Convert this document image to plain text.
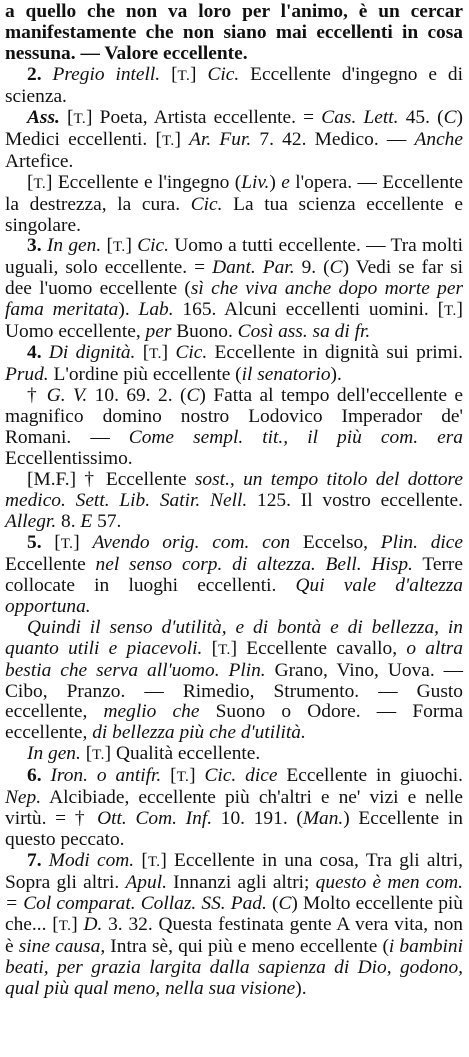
a quello che non va loro per l'animo, è un cercar manifestamente che non siano mai eccellenti in cosa nessuna. — Valore eccellente.

2. Pregio intell. [T.] Cic. Eccellente d'ingegno e di scienza.

Ass. [T.] Poeta, Artista eccellente. = Cas. Lett. 45. (C) Medici eccellenti. [T.] Ar. Fur. 7. 42. Medico. — Anche Artefice.

[T.] Eccellente e l'ingegno (Liv.) e l'opera. — Eccellente la destrezza, la cura. Cic. La tua scienza eccellente e singolare.

3. In gen. [T.] Cic. Uomo a tutti eccellente. — Tra molti uguali, solo eccellente. = Dant. Par. 9. (C) Vedi se far si dee l'uomo eccellente (sì che viva anche dopo morte per fama meritata). Lab. 165. Alcuni eccellenti uomini. [T.] Uomo eccellente, per Buono. Così ass. sa di fr.

4. Di dignità. [T.] Cic. Eccellente in dignità sui primi. Prud. L'ordine più eccellente (il senatorio).

† G. V. 10. 69. 2. (C) Fatta al tempo dell'eccellente e magnifico domino nostro Lodovico Imperador de' Romani. — Come sempl. tit., il più com. era Eccellentissimo.

[M.F.] † Eccellente sost., un tempo titolo del dottore medico. Sett. Lib. Satir. Nell. 125. Il vostro eccellente. Allegr. 8. E 57.

5. [T.] Avendo orig. com. con Eccelso, Plin. dice Eccellente nel senso corp. di altezza. Bell. Hisp. Terre collocate in luoghi eccellenti. Qui vale d'altezza opportuna.

Quindi il senso d'utilità, e di bontà e di bellezza, in quanto utili e piacevoli. [T.] Eccellente cavallo, o altra bestia che serva all'uomo. Plin. Grano, Vino, Uova. — Cibo, Pranzo. — Rimedio, Strumento. — Gusto eccellente, meglio che Suono o Odore. — Forma eccellente, di bellezza più che d'utilità.

In gen. [T.] Qualità eccellente.

6. Iron. o antifr. [T.] Cic. dice Eccellente in giuochi. Nep. Alcibiade, eccellente più ch'altri e ne' vizi e nelle virtù. = † Ott. Com. Inf. 10. 191. (Man.) Eccellente in questo peccato.

7. Modi com. [T.] Eccellente in una cosa, Tra gli altri, Sopra gli altri. Apul. Innanzi agli altri; questo è men com. = Col comparat. Collaz. SS. Pad. (C) Molto eccellente più che... [T.] D. 3. 32. Questa festinata gente A vera vita, non è sine causa, Intra sè, qui più e meno eccellente (i bambini beati, per grazia largita dalla sapienza di Dio, godono, qual più qual meno, nella sua visione).
